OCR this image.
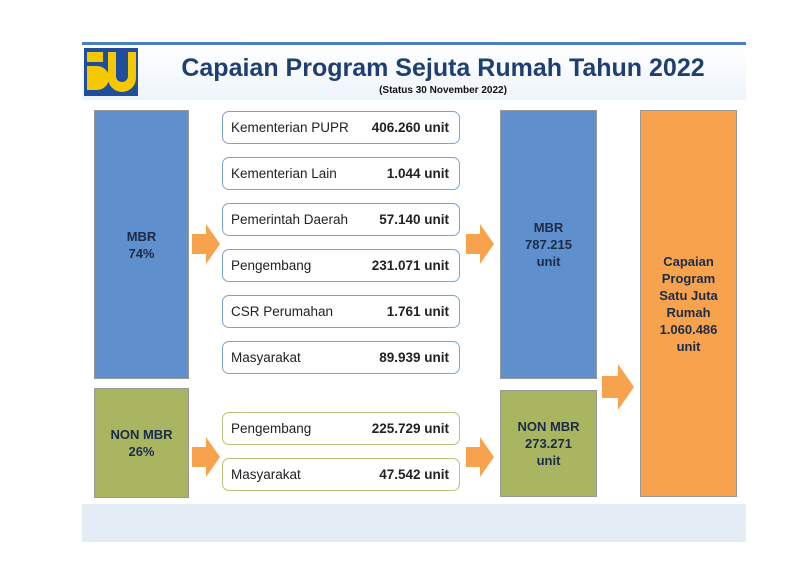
Capaian Program Sejuta Rumah Tahun 2022
(Status 30 November 2022)
MBR
74%
NON MBR
26%
Kementerian PUPR 406.260 unit
Kementerian Lain	1.044 unit
Pemerintah Daerah 57.140 unit
Pengembang	231.071 unit
CSR Perumahan	1.761 unit
Masyarakat	89.939 unit
Pengembang	225.729 unit
Masyarakat	47.542 unit
MBR
787.215
unit
NON MBR
273.271
unit
Capaian
Program
Satu Juta
Rumah
1.060.486
unit
